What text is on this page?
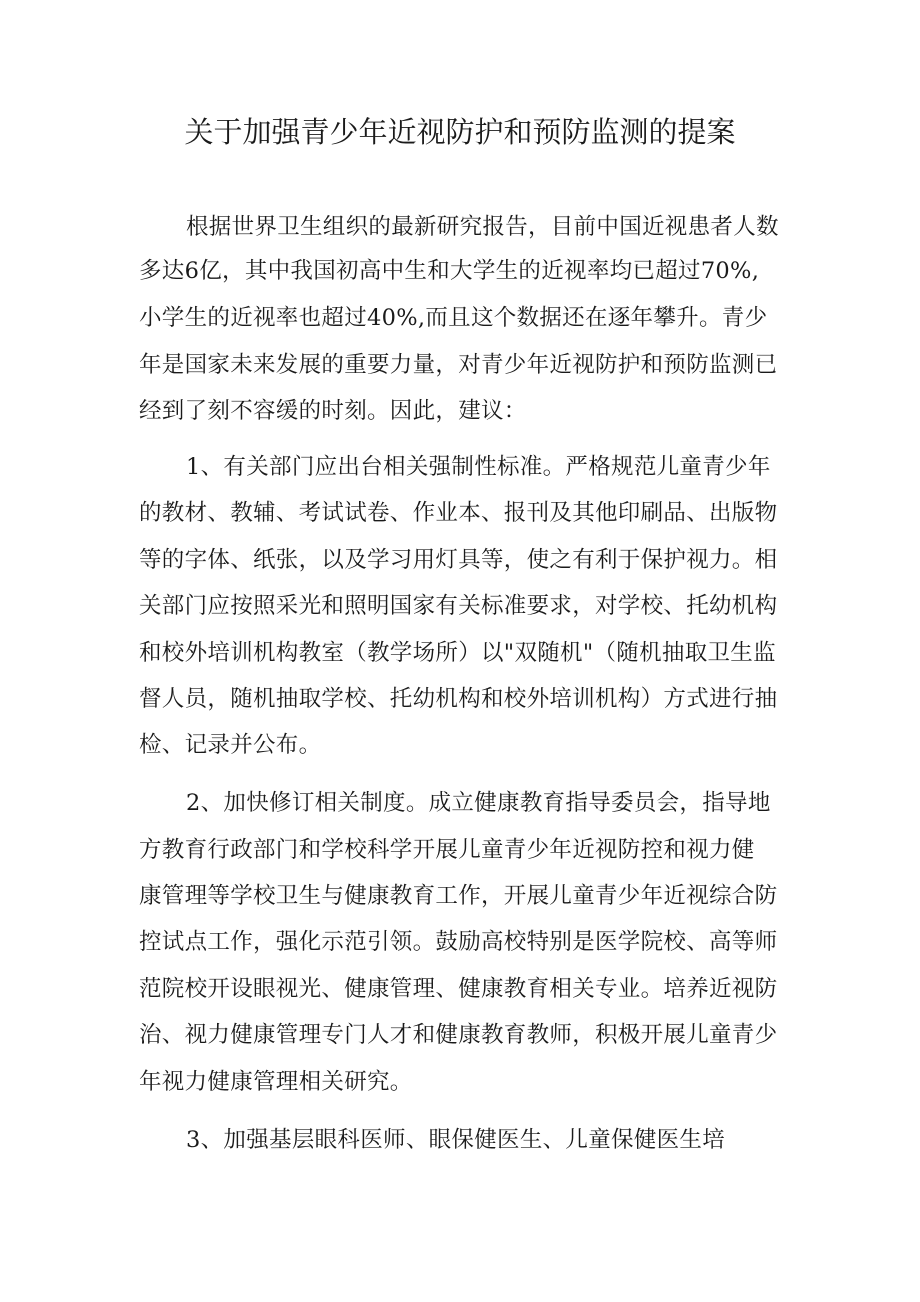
关于加强青少年近视防护和预防监测的提案

根据世界卫生组织的最新研究报告，目前中国近视患者人数

多达6亿，其中我国初高中生和大学生的近视率均已超过70%,

小学生的近视率也超过40%,而且这个数据还在逐年攀升。青少

年是国家未来发展的重要力量，对青少年近视防护和预防监测已

经到了刻不容缓的时刻。因此，建议：

1、有关部门应出台相关强制性标准。严格规范儿童青少年

的教材、教辅、考试试卷、作业本、报刊及其他印刷品、出版物

等的字体、纸张，以及学习用灯具等，使之有利于保护视力。相

关部门应按照采光和照明国家有关标准要求，对学校、托幼机构

和校外培训机构教室（教学场所）以"双随机"（随机抽取卫生监

督人员，随机抽取学校、托幼机构和校外培训机构）方式进行抽

检、记录并公布。

2、加快修订相关制度。成立健康教育指导委员会，指导地

方教育行政部门和学校科学开展儿童青少年近视防控和视力健

康管理等学校卫生与健康教育工作，开展儿童青少年近视综合防

控试点工作，强化示范引领。鼓励高校特别是医学院校、高等师

范院校开设眼视光、健康管理、健康教育相关专业。培养近视防

治、视力健康管理专门人才和健康教育教师，积极开展儿童青少

年视力健康管理相关研究。

3、加强基层眼科医师、眼保健医生、儿童保健医生培
